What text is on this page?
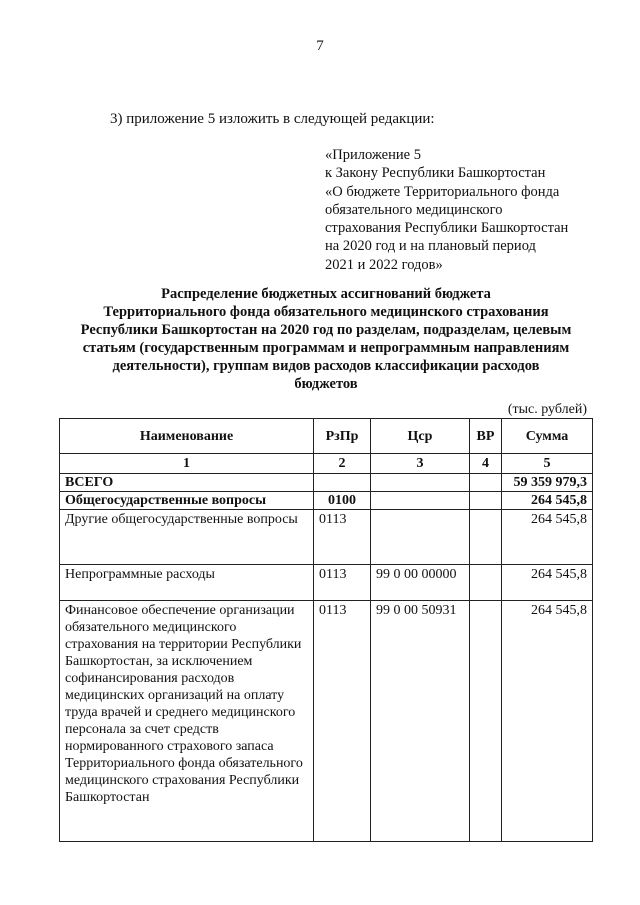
7
3) приложение 5 изложить в следующей редакции:
«Приложение 5
к Закону Республики Башкортостан
«О бюджете Территориального фонда
обязательного медицинского
страхования Республики Башкортостан
на 2020 год и на плановый период
2021 и 2022 годов»
Распределение бюджетных ассигнований бюджета
Территориального фонда обязательного медицинского страхования
Республики Башкортостан на 2020 год по разделам, подразделам, целевым
статьям (государственным программам и непрограммным направлениям
деятельности), группам видов расходов классификации расходов
бюджетов
(тыс. рублей)
Наименование	РзПр	Цср	ВР	Сумма
1	2	3	4	5
ВСЕГО				59 359 979,3
Общегосударственные вопросы	0100			264 545,8
Другие общегосударственные вопросы	0113			264 545,8
Непрограммные расходы	0113	99 0 00 00000		264 545,8
Финансовое обеспечение организации обязательного медицинского страхования на территории Республики Башкортостан, за исключением софинансирования расходов медицинских организаций на оплату труда врачей и среднего медицинского персонала за счет средств нормированного страхового запаса Территориального фонда обязательного медицинского страхования Республики Башкортостан	0113	99 0 00 50931		264 545,8
